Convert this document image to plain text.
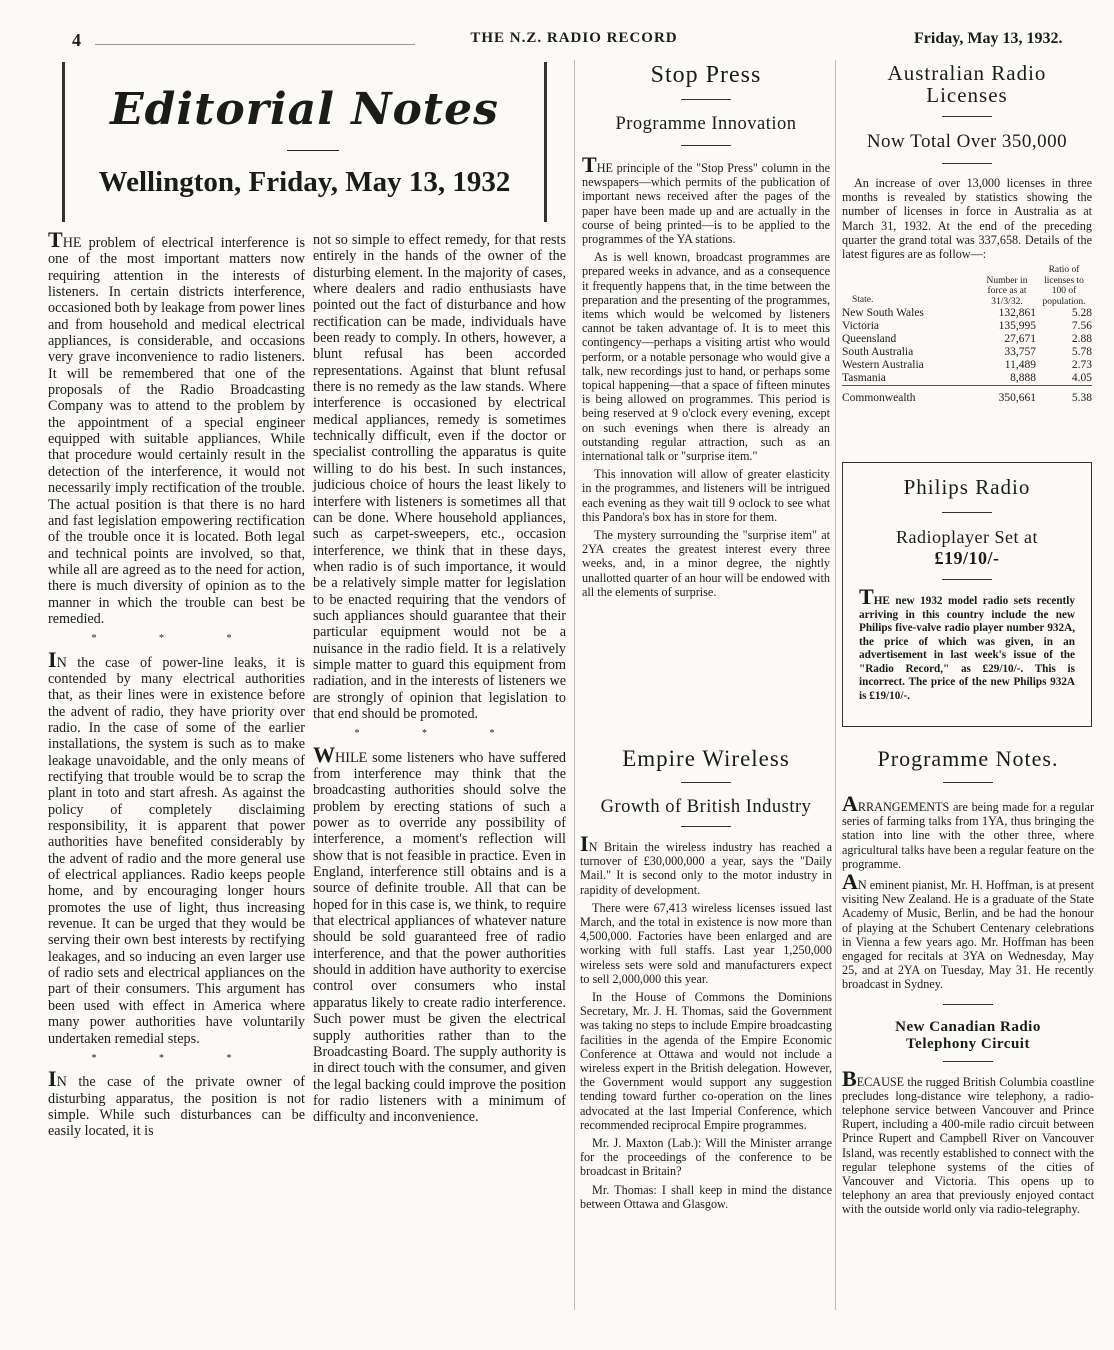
4	THE N.Z. RADIO RECORD	Friday, May 13, 1932.
Editorial Notes
Wellington, Friday, May 13, 1932

THE problem of electrical interference is one of the most important matters now requiring attention in the interests of listeners. In certain districts interference, occasioned both by leakage from power lines and from household and medical electrical appliances, is considerable, and occasions very grave inconvenience to radio listeners. It will be remembered that one of the proposals of the Radio Broadcasting Company was to attend to the problem by the appointment of a special engineer equipped with suitable appliances. While that procedure would certainly result in the detection of the interference, it would not necessarily imply rectification of the trouble. The actual position is that there is no hard and fast legislation empowering rectification of the trouble once it is located. Both legal and technical points are involved, so that, while all are agreed as to the need for action, there is much diversity of opinion as to the manner in which the trouble can best be remedied.

* * *

IN the case of power-line leaks, it is contended by many electrical authorities that, as their lines were in existence before the advent of radio, they have priority over radio. In the case of some of the earlier installations, the system is such as to make leakage unavoidable, and the only means of rectifying that trouble would be to scrap the plant in toto and start afresh. As against the policy of completely disclaiming responsibility, it is apparent that power authorities have benefited considerably by the advent of radio and the more general use of electrical appliances. Radio keeps people home, and by encouraging longer hours promotes the use of light, thus increasing revenue. It can be urged that they would be serving their own best interests by rectifying leakages, and so inducing an even larger use of radio sets and electrical appliances on the part of their consumers. This argument has been used with effect in America where many power authorities have voluntarily undertaken remedial steps.

* * *

IN the case of the private owner of disturbing apparatus, the position is not simple. While such disturbances can be easily located, it is

not so simple to effect remedy, for that rests entirely in the hands of the owner of the disturbing element. In the majority of cases, where dealers and radio enthusiasts have pointed out the fact of disturbance and how rectification can be made, individuals have been ready to comply. In others, however, a blunt refusal has been accorded representations. Against that blunt refusal there is no remedy as the law stands. Where interference is occasioned by electrical medical appliances, remedy is sometimes technically difficult, even if the doctor or specialist controlling the apparatus is quite willing to do his best. In such instances, judicious choice of hours the least likely to interfere with listeners is sometimes all that can be done. Where household appliances, such as carpet-sweepers, etc., occasion interference, we think that in these days, when radio is of such importance, it would be a relatively simple matter for legislation to be enacted requiring that the vendors of such appliances should guarantee that their particular equipment would not be a nuisance in the radio field. It is a relatively simple matter to guard this equipment from radiation, and in the interests of listeners we are strongly of opinion that legislation to that end should be promoted.

* * *

WHILE some listeners who have suffered from interference may think that the broadcasting authorities should solve the problem by erecting stations of such a power as to override any possibility of interference, a moment's reflection will show that is not feasible in practice. Even in England, interference still obtains and is a source of definite trouble. All that can be hoped for in this case is, we think, to require that electrical appliances of whatever nature should be sold guaranteed free of radio interference, and that the power authorities should in addition have authority to exercise control over consumers who instal apparatus likely to create radio interference. Such power must be given the electrical supply authorities rather than to the Broadcasting Board. The supply authority is in direct touch with the consumer, and given the legal backing could improve the position for radio listeners with a minimum of difficulty and inconvenience.

Stop Press
Programme Innovation

THE principle of the "Stop Press" column in the newspapers—which permits of the publication of important news received after the pages of the paper have been made up and are actually in the course of being printed—is to be applied to the programmes of the YA stations.

As is well known, broadcast programmes are prepared weeks in advance, and as a consequence it frequently happens that, in the time between the preparation and the presenting of the programmes, items which would be welcomed by listeners cannot be taken advantage of. It is to meet this contingency—perhaps a visiting artist who would perform, or a notable personage who would give a talk, new recordings just to hand, or perhaps some topical happening—that a space of fifteen minutes is being allowed on programmes. This period is being reserved at 9 o'clock every evening, except on such evenings when there is already an outstanding regular attraction, such as an international talk or "surprise item."

This innovation will allow of greater elasticity in the programmes, and listeners will be intrigued each evening as they wait till 9 oclock to see what this Pandora's box has in store for them.

The mystery surrounding the "surprise item" at 2YA creates the greatest interest every three weeks, and, in a minor degree, the nightly unallotted quarter of an hour will be endowed with all the elements of surprise.

Empire Wireless
Growth of British Industry

IN Britain the wireless industry has reached a turnover of £30,000,000 a year, says the "Daily Mail." It is second only to the motor industry in rapidity of development.

There were 67,413 wireless licenses issued last March, and the total in existence is now more than 4,500,000. Factories have been enlarged and are working with full staffs. Last year 1,250,000 wireless sets were sold and manufacturers expect to sell 2,000,000 this year.

In the House of Commons the Dominions Secretary, Mr. J. H. Thomas, said the Government was taking no steps to include Empire broadcasting facilities in the agenda of the Empire Economic Conference at Ottawa and would not include a wireless expert in the British delegation. However, the Government would support any suggestion tending toward further co-operation on the lines advocated at the last Imperial Conference, which recommended reciprocal Empire programmes.

Mr. J. Maxton (Lab.): Will the Minister arrange for the proceedings of the conference to be broadcast in Britain?

Mr. Thomas: I shall keep in mind the distance between Ottawa and Glasgow.

Australian Radio
Licenses
Now Total Over 350,000

An increase of over 13,000 licenses in three months is revealed by statistics showing the number of licenses in force in Australia as at March 31, 1932. At the end of the preceding quarter the grand total was 337,658. Details of the latest figures are as follow—:

State.	Number in force as at 31/3/32.	Ratio of licenses to 100 of population.
New South Wales	132,861	5.28
Victoria	135,995	7.56
Queensland	27,671	2.88
South Australia	33,757	5.78
Western Australia	11,489	2.73
Tasmania	8,888	4.05
Commonwealth	350,661	5.38
Philips Radio
Radioplayer Set at
£19/10/-

THE new 1932 model radio sets recently arriving in this country include the new Philips five-valve radio player number 932A, the price of which was given, in an advertisement in last week's issue of the "Radio Record," as £29/10/-. This is incorrect. The price of the new Philips 932A is £19/10/-.

Programme Notes.

ARRANGEMENTS are being made for a regular series of farming talks from 1YA, thus bringing the station into line with the other three, where agricultural talks have been a regular feature on the programme.

AN eminent pianist, Mr. H. Hoffman, is at present visiting New Zealand. He is a graduate of the State Academy of Music, Berlin, and be had the honour of playing at the Schubert Centenary celebrations in Vienna a few years ago. Mr. Hoffman has been engaged for recitals at 3YA on Wednesday, May 25, and at 2YA on Tuesday, May 31. He recently broadcast in Sydney.

New Canadian Radio
Telephony Circuit

BECAUSE the rugged British Columbia coastline precludes long-distance wire telephony, a radio-telephone service between Vancouver and Prince Rupert, including a 400-mile radio circuit between Prince Rupert and Campbell River on Vancouver Island, was recently established to connect with the regular telephone systems of the cities of Vancouver and Victoria. This opens up to telephony an area that previously enjoyed contact with the outside world only via radio-telegraphy.
